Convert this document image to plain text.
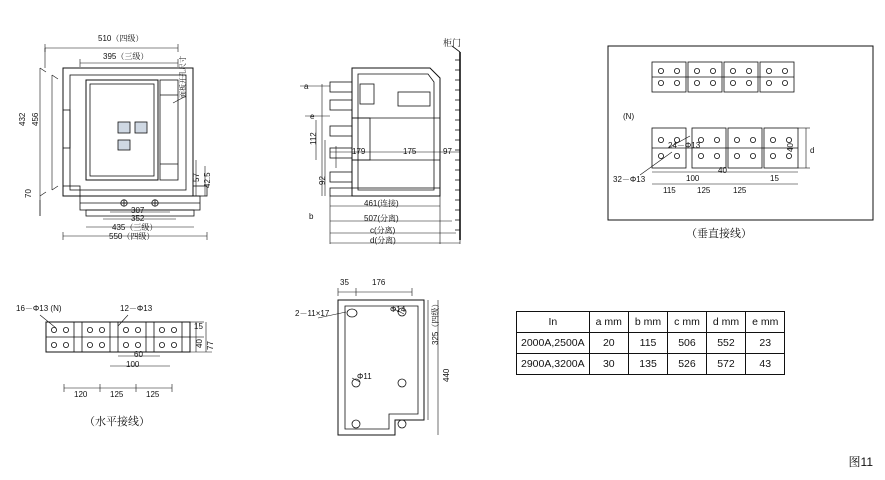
510（四级）
395（三级）
432 456
70
57 42.5
307
352
435（三级）
550（四级）
面板开孔尺寸	a
e
112
92
b
179	175	97
461(连接)
507(分离)
c(分离)
d(分离)
柜门
(N)
32－Φ13
24－Φ13
40
100
115	125	125
15
40 d
（垂直接线）
16－Φ13 (N)	12－Φ13
15
40 77
60
100
120	125	125
（水平接线）
35	176
2－11×17	Φ14
Φ11
325（四级）
440
In	a mm	b mm	c mm	d mm	e mm
2000A,2500A	20	115	506	552	23
2900A,3200A	30	135	526	572	43
图11
